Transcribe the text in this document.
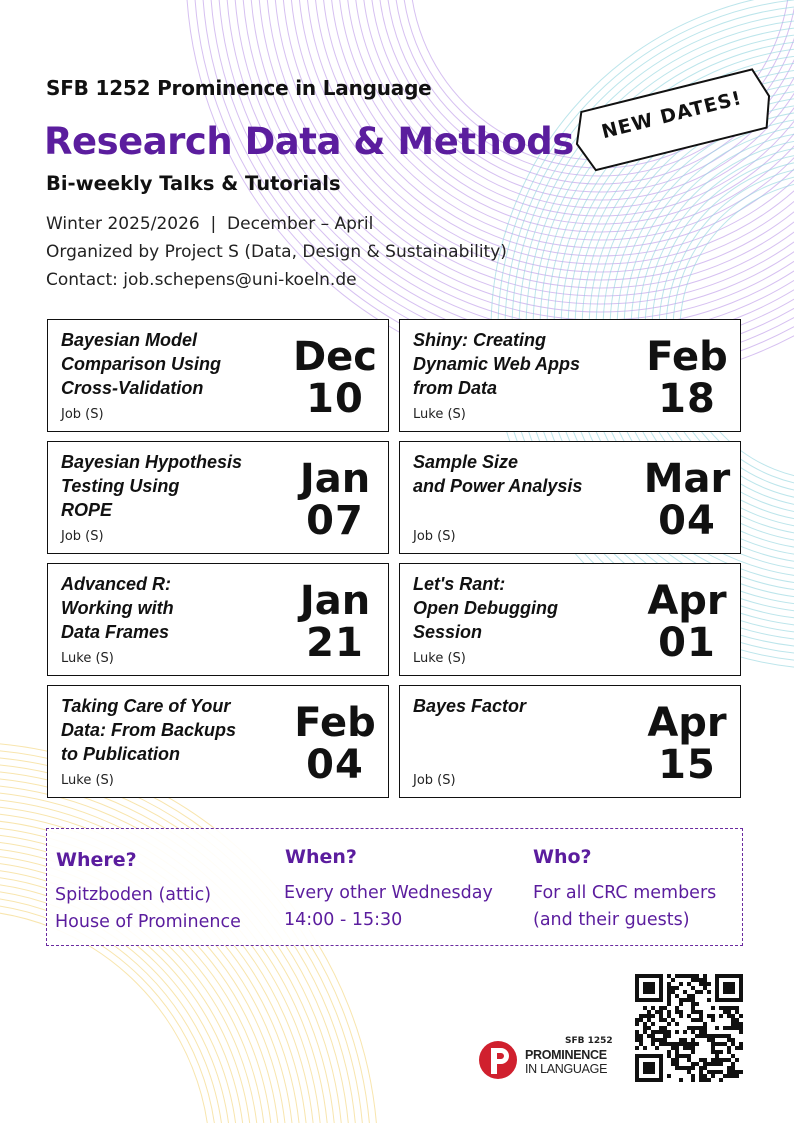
SFB 1252 Prominence in Language
Research Data & Methods
Bi-weekly Talks & Tutorials
Winter 2025/2026  |  December – April
Organized by Project S (Data, Design & Sustainability)
Contact: job.schepens@uni-koeln.de
NEW DATES!
Bayesian Model
Comparison Using
Cross-Validation
Job (S)
Dec
10
Shiny: Creating
Dynamic Web Apps
from Data
Luke (S)
Feb
18
Bayesian Hypothesis
Testing Using
ROPE
Job (S)
Jan
07
Sample Size
and Power Analysis
Job (S)
Mar
04
Advanced R:
Working with
Data Frames
Luke (S)
Jan
21
Let's Rant:
Open Debugging
Session
Luke (S)
Apr
01
Taking Care of Your
Data: From Backups
to Publication
Luke (S)
Feb
04
Bayes Factor
Job (S)
Apr
15
Where?
Spitzboden (attic)
House of Prominence
When?
Every other Wednesday
14:00 - 15:30
Who?
For all CRC members
(and their guests)
SFB 1252
PROMINENCE
IN LANGUAGE
